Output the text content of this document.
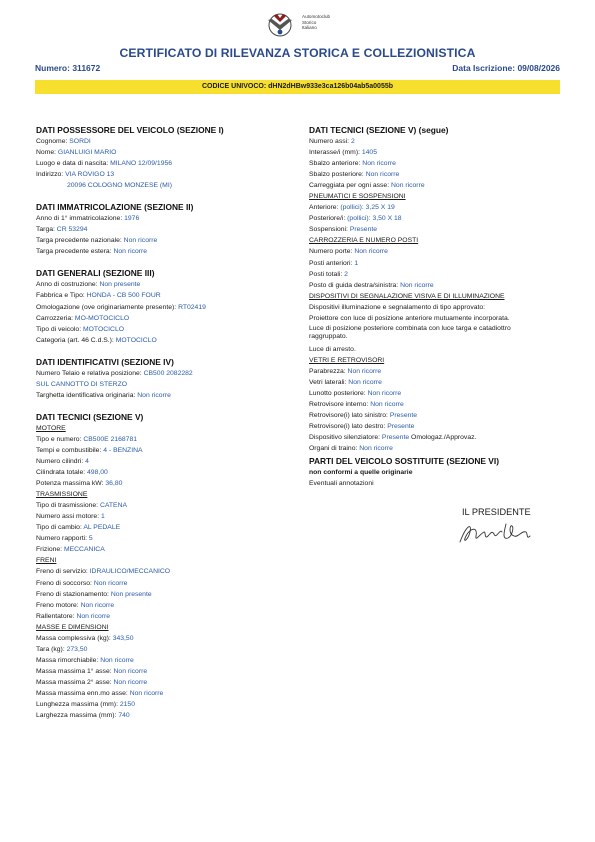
Automotoclub
Storico
Italiano
CERTIFICATO DI RILEVANZA STORICA E COLLEZIONISTICA
Numero: 311672	Data Iscrizione: 09/08/2026
CODICE UNIVOCO: dHN2dHBw933e3ca126b04ab5a0055b
DATI POSSESSORE DEL VEICOLO (SEZIONE I)
Cognome: SORDI
Nome: GIANLUIGI MARIO
Luogo e data di nascita: MILANO 12/09/1956
Indirizzo: VIA ROVIGO 13
20096 COLOGNO MONZESE (MI)
DATI IMMATRICOLAZIONE (SEZIONE II)
Anno di 1° immatricolazione: 1976
Targa: CR 53294
Targa precedente nazionale: Non ricorre
Targa precedente estera: Non ricorre
DATI GENERALI (SEZIONE III)
Anno di costruzione: Non presente
Fabbrica e Tipo: HONDA - CB 500 FOUR
Omologazione (ove originariamente presente): RT02419
Carrozzeria: MO-MOTOCICLO
Tipo di veicolo: MOTOCICLO
Categoria (art. 46 C.d.S.): MOTOCICLO
DATI IDENTIFICATIVI (SEZIONE IV)
Numero Telaio e relativa posizione: CB500 2082282
SUL CANNOTTO DI STERZO
Targhetta identificativa originaria: Non ricorre
DATI TECNICI (SEZIONE V)
MOTORE
Tipo e numero: CB500E 2168781
Tempi e combustibile: 4 - BENZINA
Numero cilindri: 4
Cilindrata totale: 498,00
Potenza massima kW: 36,80
TRASMISSIONE
Tipo di trasmissione: CATENA
Numero assi motore: 1
Tipo di cambio: AL PEDALE
Numero rapporti: 5
Frizione: MECCANICA
FRENI
Freno di servizio: IDRAULICO/MECCANICO
Freno di soccorso: Non ricorre
Freno di stazionamento: Non presente
Freno motore: Non ricorre
Rallentatore: Non ricorre
MASSE E DIMENSIONI
Massa complessiva (kg): 343,50
Tara (kg): 273,50
Massa rimorchiabile: Non ricorre
Massa massima 1° asse: Non ricorre
Massa massima 2° asse: Non ricorre
Massa massima enn.mo asse: Non ricorre
Lunghezza massima (mm): 2150
Larghezza massima (mm): 740
DATI TECNICI (SEZIONE V) (segue)
Numero assi: 2
Interasse/i (mm): 1405
Sbalzo anteriore: Non ricorre
Sbalzo posteriore: Non ricorre
Carreggiata per ogni asse: Non ricorre
PNEUMATICI E SOSPENSIONI
Anteriore: (pollici): 3,25 X 19
Posteriore/i: (pollici): 3,50 X 18
Sospensioni: Presente
CARROZZERIA E NUMERO POSTI
Numero porte: Non ricorre
Posti anteriori: 1
Posti totali: 2
Posto di guida destra/sinistra: Non ricorre
DISPOSITIVI DI SEGNALAZIONE VISIVA E DI ILLUMINAZIONE
Dispositivi illuminazione e segnalamento di tipo approvato:
Proiettore con luce di posizione anteriore mutuamente incorporata.
Luce di posizione posteriore combinata con luce targa e catadiottro raggruppato.
Luce di arresto.
VETRI E RETROVISORI
Parabrezza: Non ricorre
Vetri laterali: Non ricorre
Lunotto posteriore: Non ricorre
Retrovisore interno: Non ricorre
Retrovisore(i) lato sinistro: Presente
Retrovisore(i) lato destro: Presente
Dispositivo silenziatore: Presente Omologaz./Approvaz.
Organi di traino: Non ricorre
PARTI DEL VEICOLO SOSTITUITE (SEZIONE VI)
non conformi a quelle originarie
Eventuali annotazioni
IL PRESIDENTE
